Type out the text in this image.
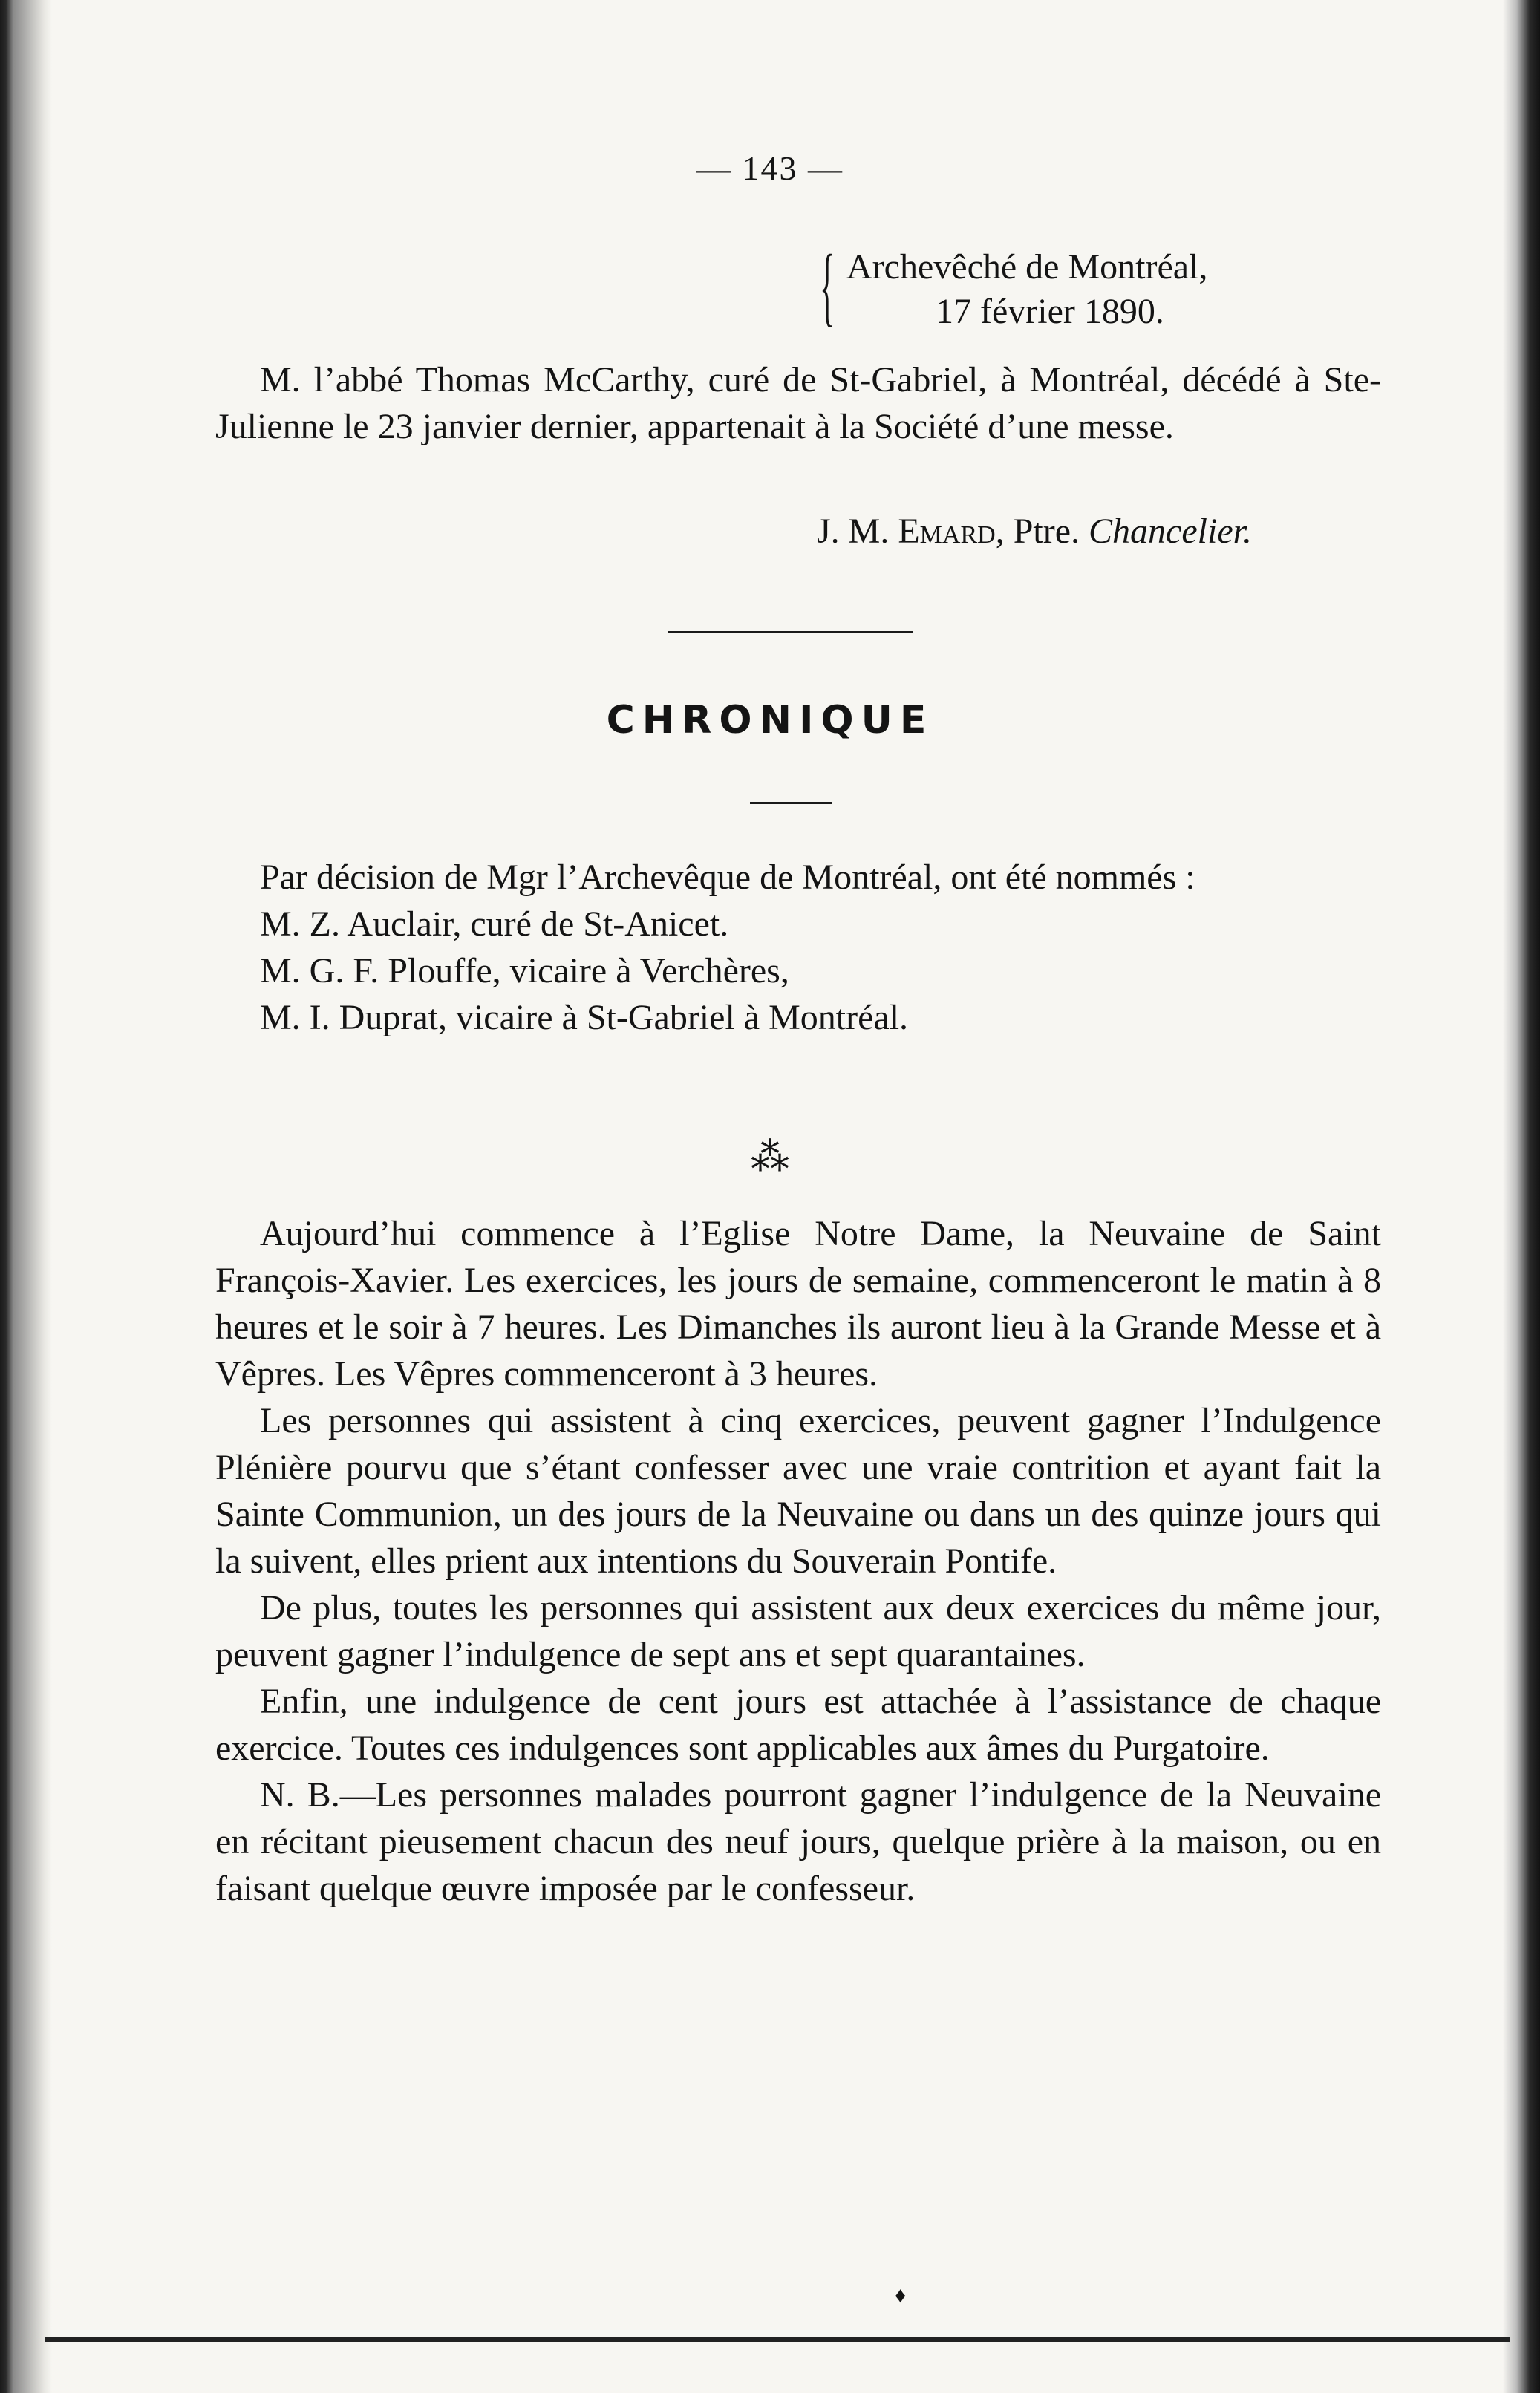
— 143 —
{ Archevêché de Montréal,
17 février 1890.

M. l’abbé Thomas McCarthy, curé de St-Gabriel, à Montréal, décédé à Ste-Julienne le 23 janvier dernier, appartenait à la Société d’une messe.

J. M. Emard, Ptre. Chancelier.
CHRONIQUE

Par décision de Mgr l’Archevêque de Montréal, ont été nommés :

M. Z. Auclair, curé de St-Anicet.

M. G. F. Plouffe, vicaire à Verchères,

M. I. Duprat, vicaire à St-Gabriel à Montréal.

⁂

Aujourd’hui commence à l’Eglise Notre Dame, la Neuvaine de Saint François-Xavier. Les exercices, les jours de semaine, commenceront le matin à 8 heures et le soir à 7 heures. Les Dimanches ils auront lieu à la Grande Messe et à Vêpres. Les Vêpres commenceront à 3 heures.

Les personnes qui assistent à cinq exercices, peuvent gagner l’Indulgence Plénière pourvu que s’étant confesser avec une vraie contrition et ayant fait la Sainte Communion, un des jours de la Neuvaine ou dans un des quinze jours qui la suivent, elles prient aux intentions du Souverain Pontife.

De plus, toutes les personnes qui assistent aux deux exercices du même jour, peuvent gagner l’indulgence de sept ans et sept quarantaines.

Enfin, une indulgence de cent jours est attachée à l’assistance de chaque exercice. Toutes ces indulgences sont applicables aux âmes du Purgatoire.

N. B.—Les personnes malades pourront gagner l’indulgence de la Neuvaine en récitant pieusement chacun des neuf jours, quelque prière à la maison, ou en faisant quelque œuvre imposée par le confesseur.

♦
